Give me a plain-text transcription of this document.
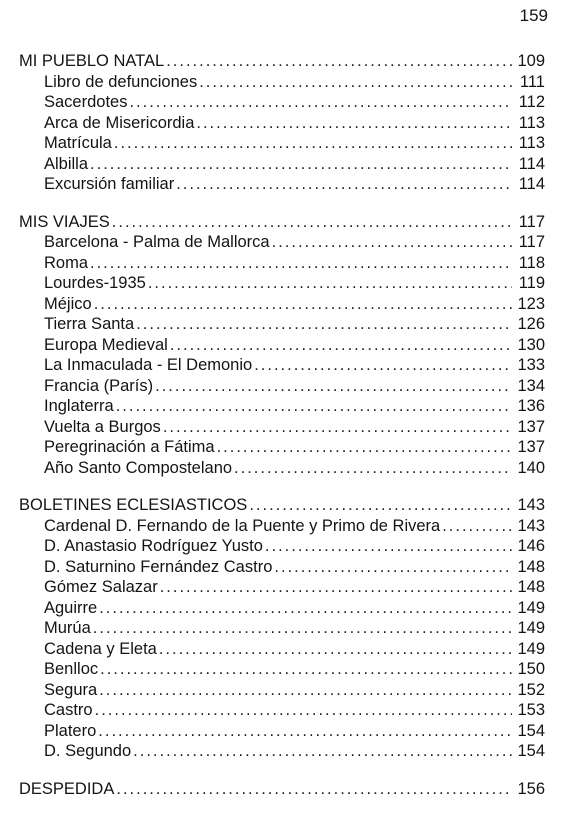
159
MI PUEBLO NATAL .....	109
Libro de defunciones .....	111
Sacerdotes .....	112
Arca de Misericordia .....	113
Matrícula .....	113
Albilla .....	114
Excursión familiar .....	114
MIS VIAJES .....	117
Barcelona - Palma de Mallorca .....	117
Roma .....	118
Lourdes-1935 .....	119
Méjico .....	123
Tierra Santa .....	126
Europa Medieval .....	130
La Inmaculada - El Demonio .....	133
Francia (París) .....	134
Inglaterra .....	136
Vuelta a Burgos .....	137
Peregrinación a Fátima .....	137
Año Santo Compostelano .....	140
BOLETINES ECLESIASTICOS .....	143
Cardenal D. Fernando de la Puente y Primo de Rivera .....	143
D. Anastasio Rodríguez Yusto .....	146
D. Saturnino Fernández Castro .....	148
Gómez Salazar .....	148
Aguirre .....	149
Murúa .....	149
Cadena y Eleta .....	149
Benlloc .....	150
Segura .....	152
Castro .....	153
Platero .....	154
D. Segundo .....	154
DESPEDIDA .....	156
